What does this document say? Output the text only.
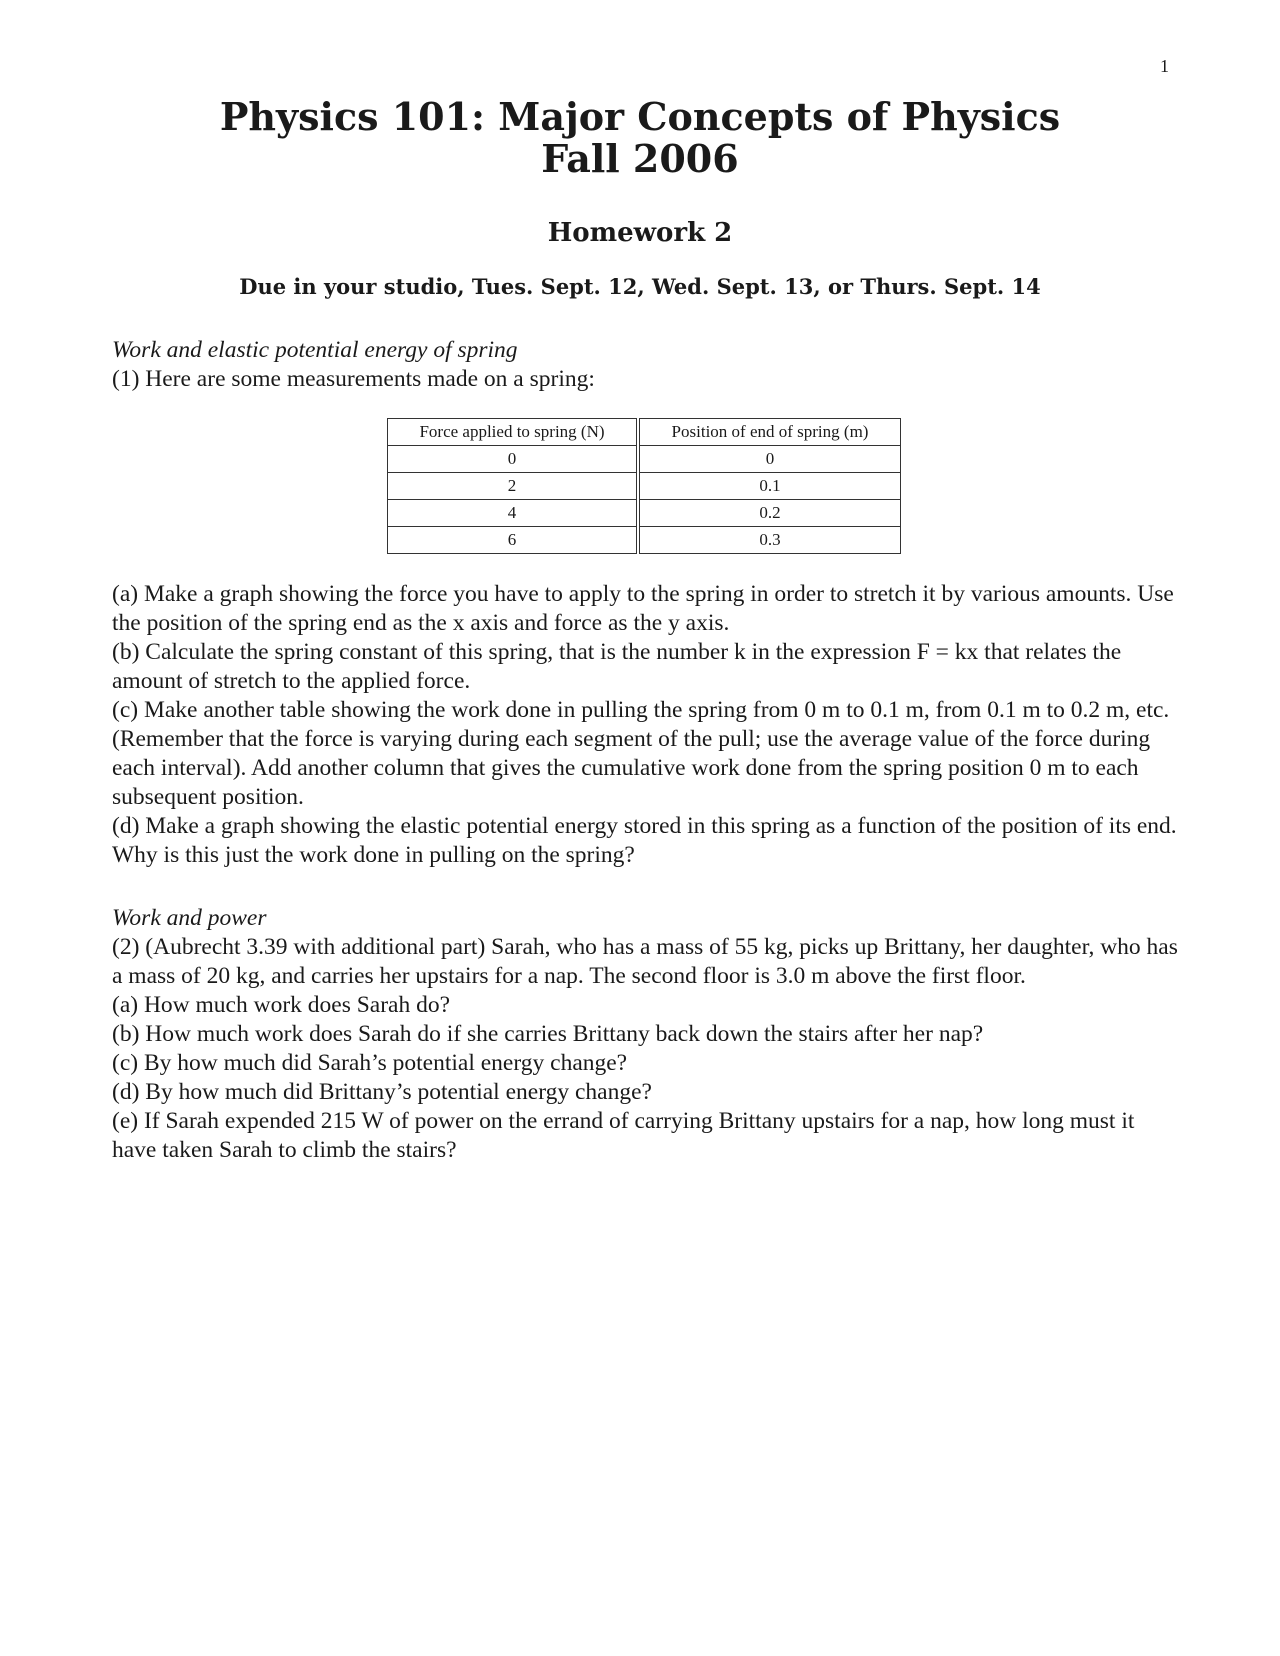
1
Physics 101: Major Concepts of Physics
Fall 2006
Homework 2
Due in your studio, Tues. Sept. 12, Wed. Sept. 13, or Thurs. Sept. 14

Work and elastic potential energy of spring

(1) Here are some measurements made on a spring:

Force applied to spring (N)	Position of end of spring (m)
0	0
2	0.1
4	0.2
6	0.3

(a) Make a graph showing the force you have to apply to the spring in order to stretch it by various amounts. Use the position of the spring end as the x axis and force as the y axis.

(b) Calculate the spring constant of this spring, that is the number k in the expression F = kx that relates the amount of stretch to the applied force.

(c) Make another table showing the work done in pulling the spring from 0 m to 0.1 m, from 0.1 m to 0.2 m, etc. (Remember that the force is varying during each segment of the pull; use the average value of the force during each interval). Add another column that gives the cumulative work done from the spring position 0 m to each subsequent position.

(d) Make a graph showing the elastic potential energy stored in this spring as a function of the position of its end. Why is this just the work done in pulling on the spring?

Work and power

(2) (Aubrecht 3.39 with additional part) Sarah, who has a mass of 55 kg, picks up Brittany, her daughter, who has a mass of 20 kg, and carries her upstairs for a nap. The second floor is 3.0 m above the first floor.

(a) How much work does Sarah do?

(b) How much work does Sarah do if she carries Brittany back down the stairs after her nap?

(c) By how much did Sarah’s potential energy change?

(d) By how much did Brittany’s potential energy change?

(e) If Sarah expended 215 W of power on the errand of carrying Brittany upstairs for a nap, how long must it have taken Sarah to climb the stairs?
